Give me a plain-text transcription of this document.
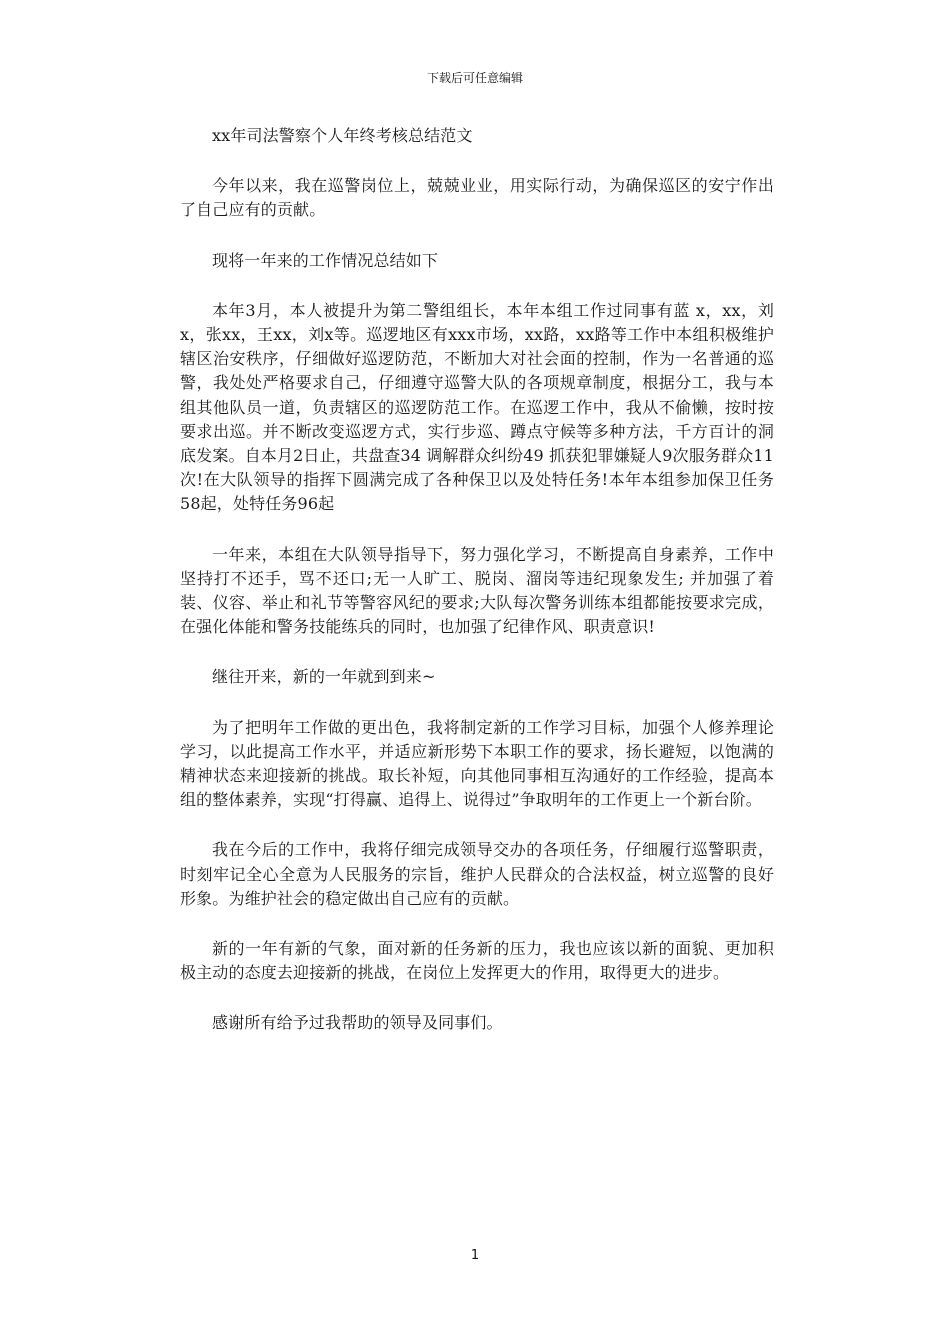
下载后可任意编辑

xx年司法警察个人年终考核总结范文

今年以来，我在巡警岗位上，兢兢业业，用实际行动，为确保巡区的安宁作出了自己应有的贡献。

现将一年来的工作情况总结如下

本年3月，本人被提升为第二警组组长，本年本组工作过同事有蓝 x，xx，刘x，张xx，王xx，刘x等。巡逻地区有xxx市场，xx路，xx路等工作中本组积极维护辖区治安秩序，仔细做好巡逻防范，不断加大对社会面的控制，作为一名普通的巡警，我处处严格要求自己，仔细遵守巡警大队的各项规章制度，根据分工，我与本组其他队员一道，负责辖区的巡逻防范工作。在巡逻工作中，我从不偷懒，按时按要求出巡。并不断改变巡逻方式，实行步巡、蹲点守候等多种方法，千方百计的洞底发案。自本月2日止，共盘查34 调解群众纠纷49 抓获犯罪嫌疑人9次服务群众11次!在大队领导的指挥下圆满完成了各种保卫以及处特任务!本年本组参加保卫任务58起，处特任务96起

一年来，本组在大队领导指导下，努力强化学习，不断提高自身素养，工作中坚持打不还手，骂不还口;无一人旷工、脱岗、溜岗等违纪现象发生; 并加强了着装、仪容、举止和礼节等警容风纪的要求;大队每次警务训练本组都能按要求完成，在强化体能和警务技能练兵的同时，也加强了纪律作风、职责意识!

继往开来，新的一年就到到来~

为了把明年工作做的更出色，我将制定新的工作学习目标，加强个人修养理论学习，以此提高工作水平，并适应新形势下本职工作的要求，扬长避短，以饱满的精神状态来迎接新的挑战。取长补短，向其他同事相互沟通好的工作经验，提高本组的整体素养，实现“打得赢、追得上、说得过”争取明年的工作更上一个新台阶。

我在今后的工作中，我将仔细完成领导交办的各项任务，仔细履行巡警职责，时刻牢记全心全意为人民服务的宗旨，维护人民群众的合法权益，树立巡警的良好形象。为维护社会的稳定做出自己应有的贡献。

新的一年有新的气象，面对新的任务新的压力，我也应该以新的面貌、更加积极主动的态度去迎接新的挑战，在岗位上发挥更大的作用，取得更大的进步。

感谢所有给予过我帮助的领导及同事们。

1
